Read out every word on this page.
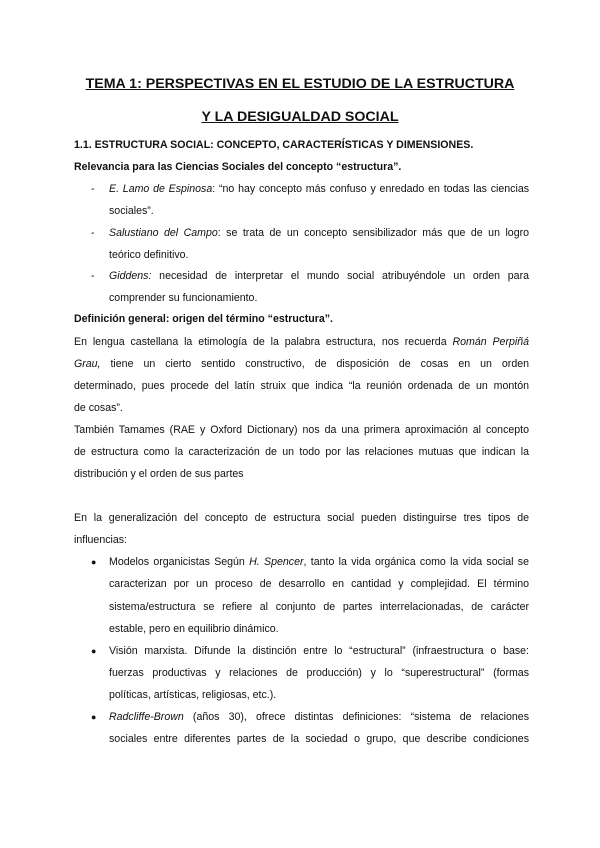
TEMA 1: PERSPECTIVAS EN EL ESTUDIO DE LA ESTRUCTURA
Y LA DESIGUALDAD SOCIAL
1.1. ESTRUCTURA SOCIAL: CONCEPTO, CARACTERÍSTICAS Y DIMENSIONES.
Relevancia para las Ciencias Sociales del concepto “estructura”.
- E. Lamo de Espinosa: “no hay concepto más confuso y enredado en todas las ciencias
sociales”.
- Salustiano del Campo: se trata de un concepto sensibilizador más que de un logro
teórico definitivo.
- Giddens: necesidad de interpretar el mundo social atribuyéndole un orden para
comprender su funcionamiento.
Definición general: origen del término “estructura”.
En lengua castellana la etimología de la palabra estructura, nos recuerda Román Perpiñá
Grau, tiene un cierto sentido constructivo, de disposición de cosas en un orden
determinado, pues procede del latín struix que indica “la reunión ordenada de un montón
de cosas”.
También Tamames (RAE y Oxford Dictionary) nos da una primera aproximación al concepto
de estructura como la caracterización de un todo por las relaciones mutuas que indican la
distribución y el orden de sus partes
En la generalización del concepto de estructura social pueden distinguirse tres tipos de
influencias:
● Modelos organicistas Según H. Spencer, tanto la vida orgánica como la vida social se
caracterizan por un proceso de desarrollo en cantidad y complejidad. El término
sistema/estructura se refiere al conjunto de partes interrelacionadas, de carácter
estable, pero en equilibrio dinámico.
● Visión marxista. Difunde la distinción entre lo “estructural” (infraestructura o base:
fuerzas productivas y relaciones de producción) y lo “superestructural” (formas
políticas, artísticas, religiosas, etc.).
● Radcliffe-Brown (años 30), ofrece distintas definiciones: “sistema de relaciones
sociales entre diferentes partes de la sociedad o grupo, que describe condiciones
